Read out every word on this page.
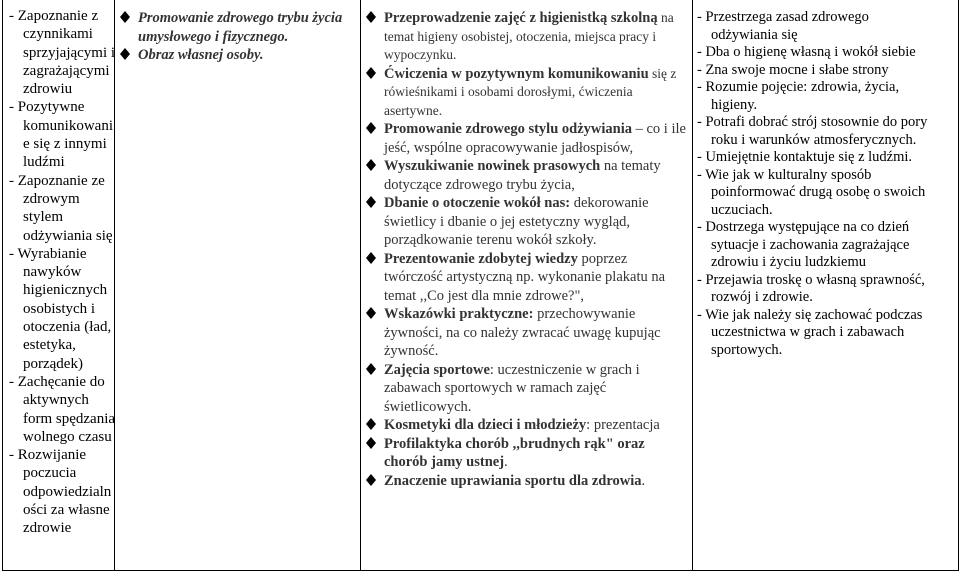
- Zapoznanie z
czynnikami
sprzyjającymi i
zagrażającymi
zdrowiu
- Pozytywne
komunikowani
e się z innymi
ludźmi
- Zapoznanie ze
zdrowym
stylem
odżywiania się
- Wyrabianie
nawyków
higienicznych
osobistych i
otoczenia (ład,
estetyka,
porządek)
- Zachęcanie do
aktywnych
form spędzania
wolnego czasu
- Rozwijanie
poczucia
odpowiedzialn
ości za własne
zdrowie

Promowanie zdrowego trybu życia umysłowego i fizycznego.
Obraz własnej osoby.

Przeprowadzenie zajęć z higienistką szkolną na temat higieny osobistej, otoczenia, miejsca pracy i wypoczynku.
Ćwiczenia w pozytywnym komunikowaniu się z rówieśnikami i osobami dorosłymi, ćwiczenia asertywne.
Promowanie zdrowego stylu odżywiania – co i ile jeść, wspólne opracowywanie jadłospisów,
Wyszukiwanie nowinek prasowych na tematy dotyczące zdrowego trybu życia,
Dbanie o otoczenie wokół nas: dekorowanie świetlicy i dbanie o jej estetyczny wygląd, porządkowanie terenu wokół szkoły.
Prezentowanie zdobytej wiedzy poprzez twórczość artystyczną np. wykonanie plakatu na temat ,,Co jest dla mnie zdrowe?",
Wskazówki praktyczne: przechowywanie żywności, na co należy zwracać uwagę kupując żywność.
Zajęcia sportowe: uczestniczenie w grach i zabawach sportowych w ramach zajęć świetlicowych.
Kosmetyki dla dzieci i młodzieży: prezentacja
Profilaktyka chorób ,,brudnych rąk" oraz chorób jamy ustnej.
Znaczenie uprawiania sportu dla zdrowia.

- Przestrzega zasad zdrowego
odżywiania się
- Dba o higienę własną i wokół siebie
- Zna swoje mocne i słabe strony
- Rozumie pojęcie: zdrowia, życia,
higieny.
- Potrafi dobrać strój stosownie do pory
roku i warunków atmosferycznych.
- Umiejętnie kontaktuje się z ludźmi.
- Wie jak w kulturalny sposób
poinformować drugą osobę o swoich uczuciach.
- Dostrzega występujące na co dzień
sytuacje i zachowania zagrażające zdrowiu i życiu ludzkiemu
- Przejawia troskę o własną sprawność,
rozwój i zdrowie.
- Wie jak należy się zachować podczas
uczestnictwa w grach i zabawach sportowych.
